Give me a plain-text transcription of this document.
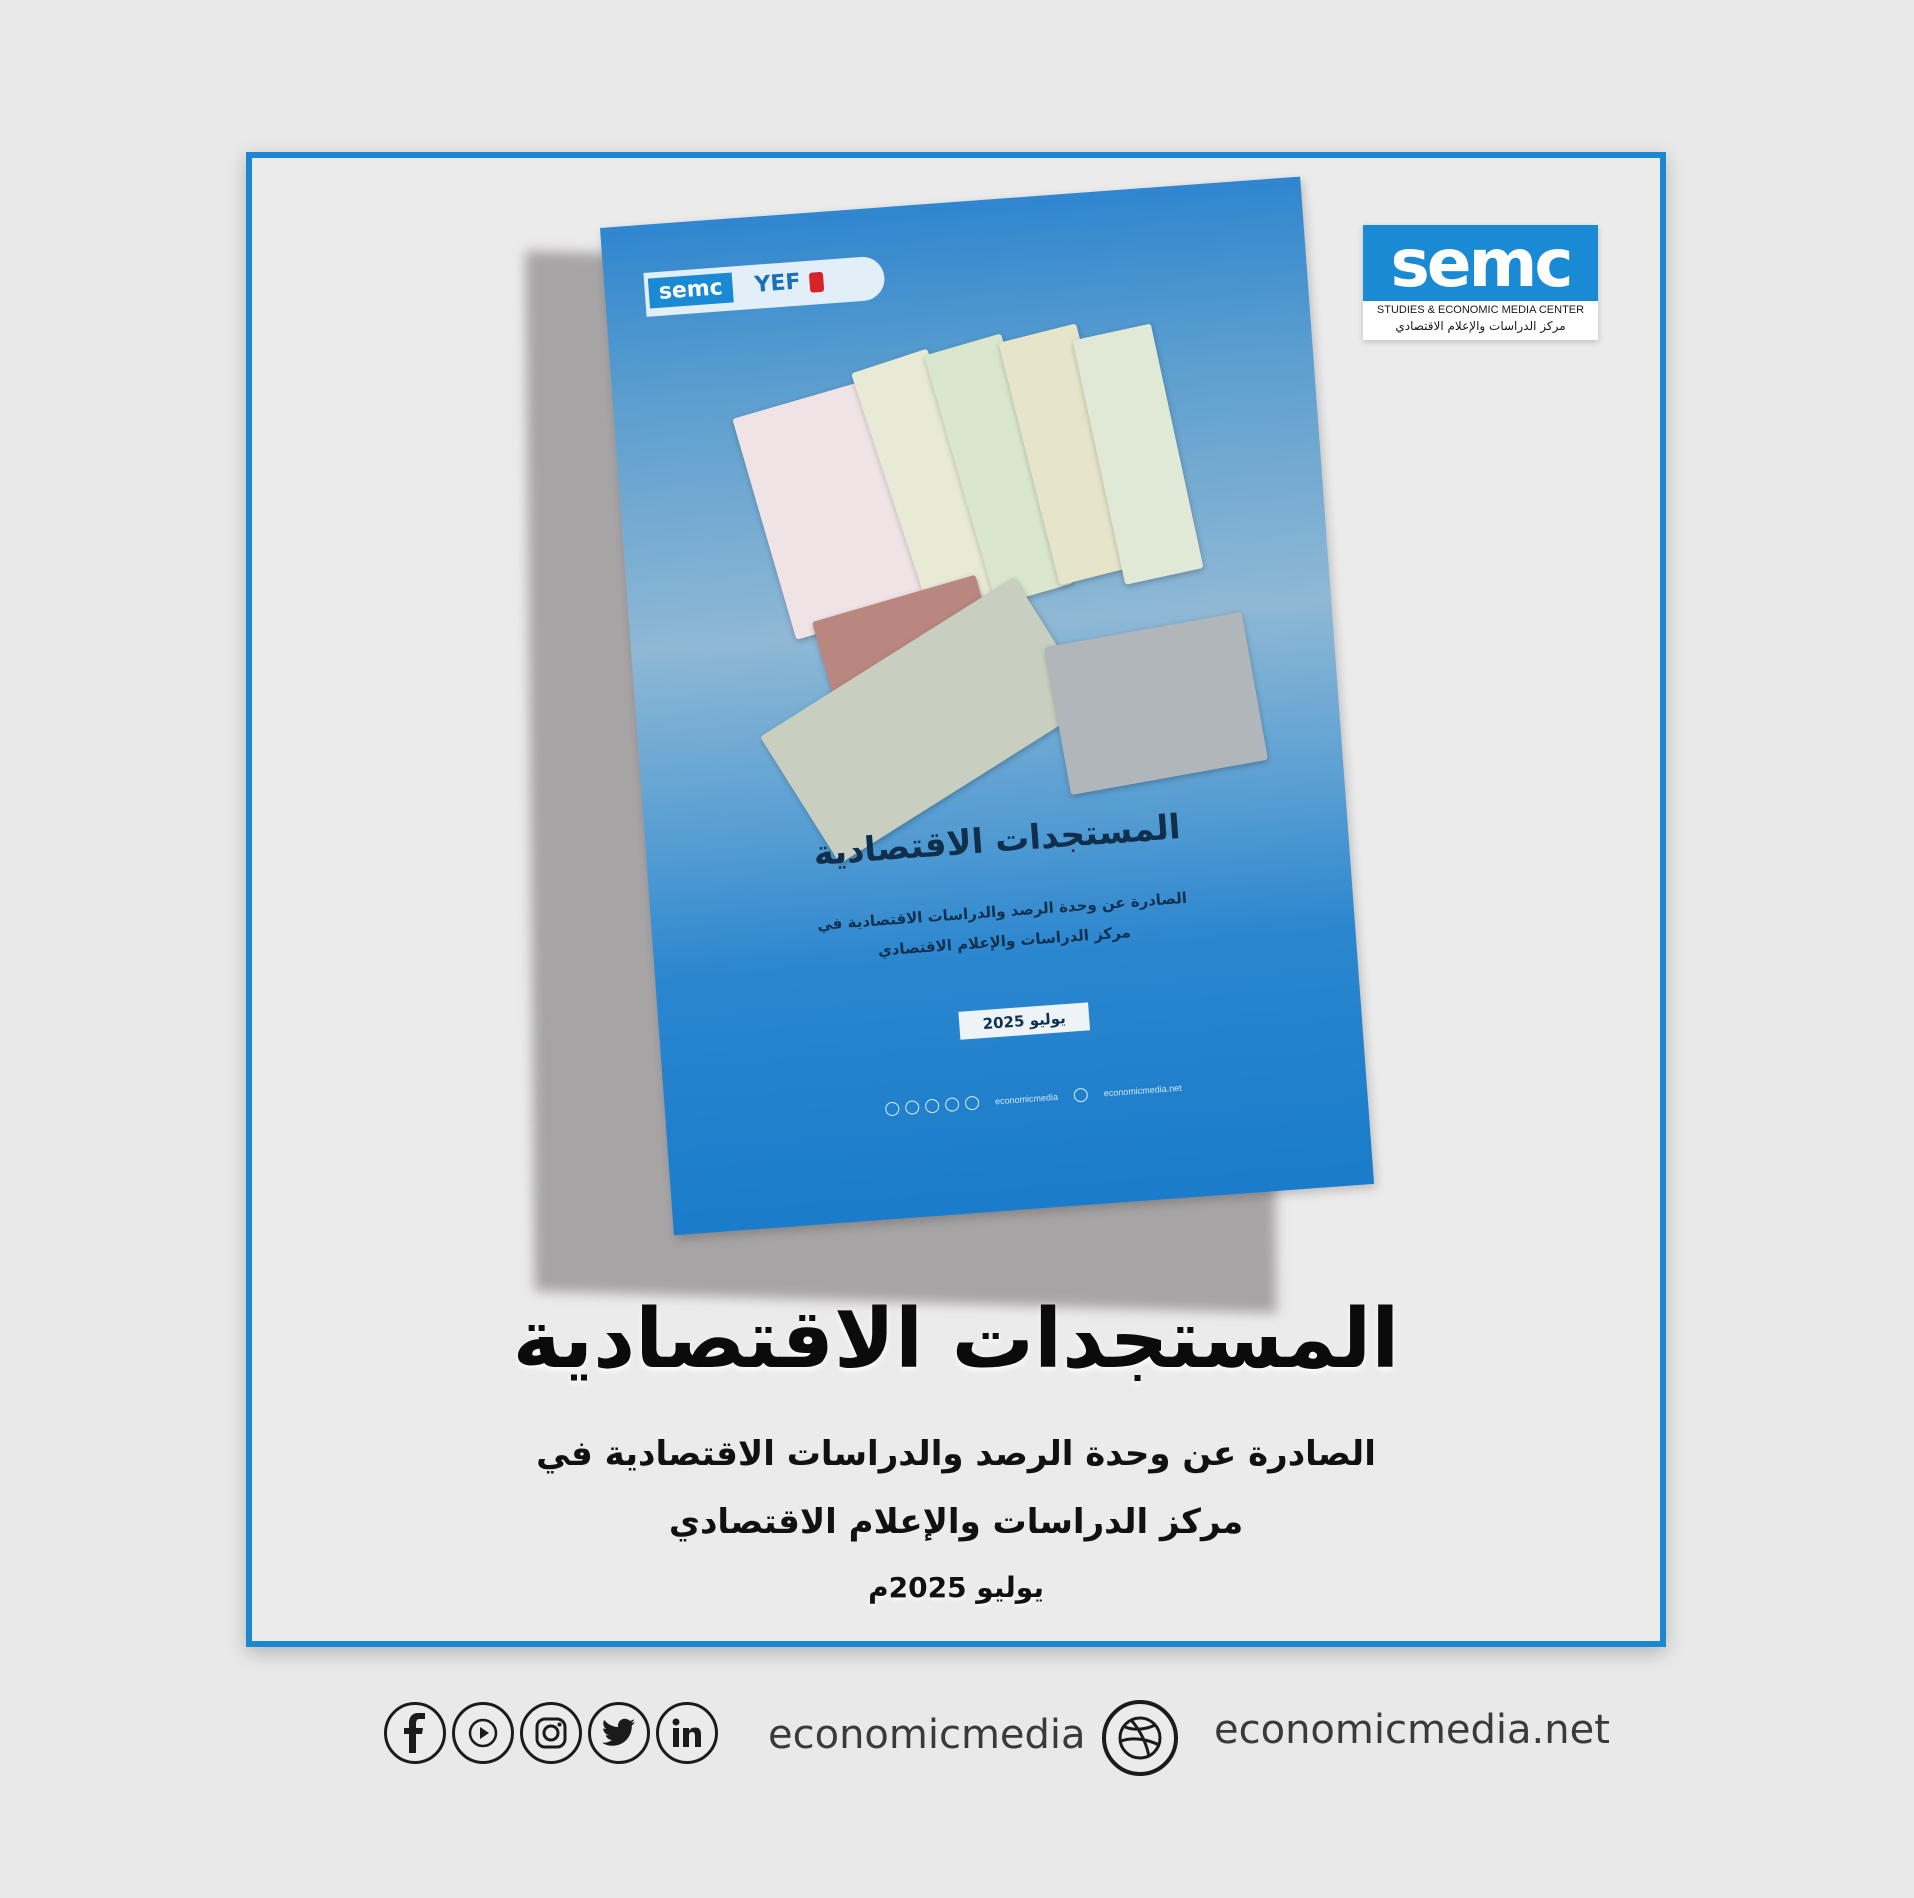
semc
STUDIES & ECONOMIC MEDIA CENTER
مركز الدراسات والإعلام الاقتصادي
semc	YEF
المستجدات الاقتصادية
الصادرة عن وحدة الرصد والدراسات الاقتصادية في
مركز الدراسات والإعلام الاقتصادي
يوليو 2025
economicmedia
economicmedia.net
المستجدات الاقتصادية
الصادرة عن وحدة الرصد والدراسات الاقتصادية في
مركز الدراسات والإعلام الاقتصادي
يوليو 2025م
economicmedia	economicmedia.net
